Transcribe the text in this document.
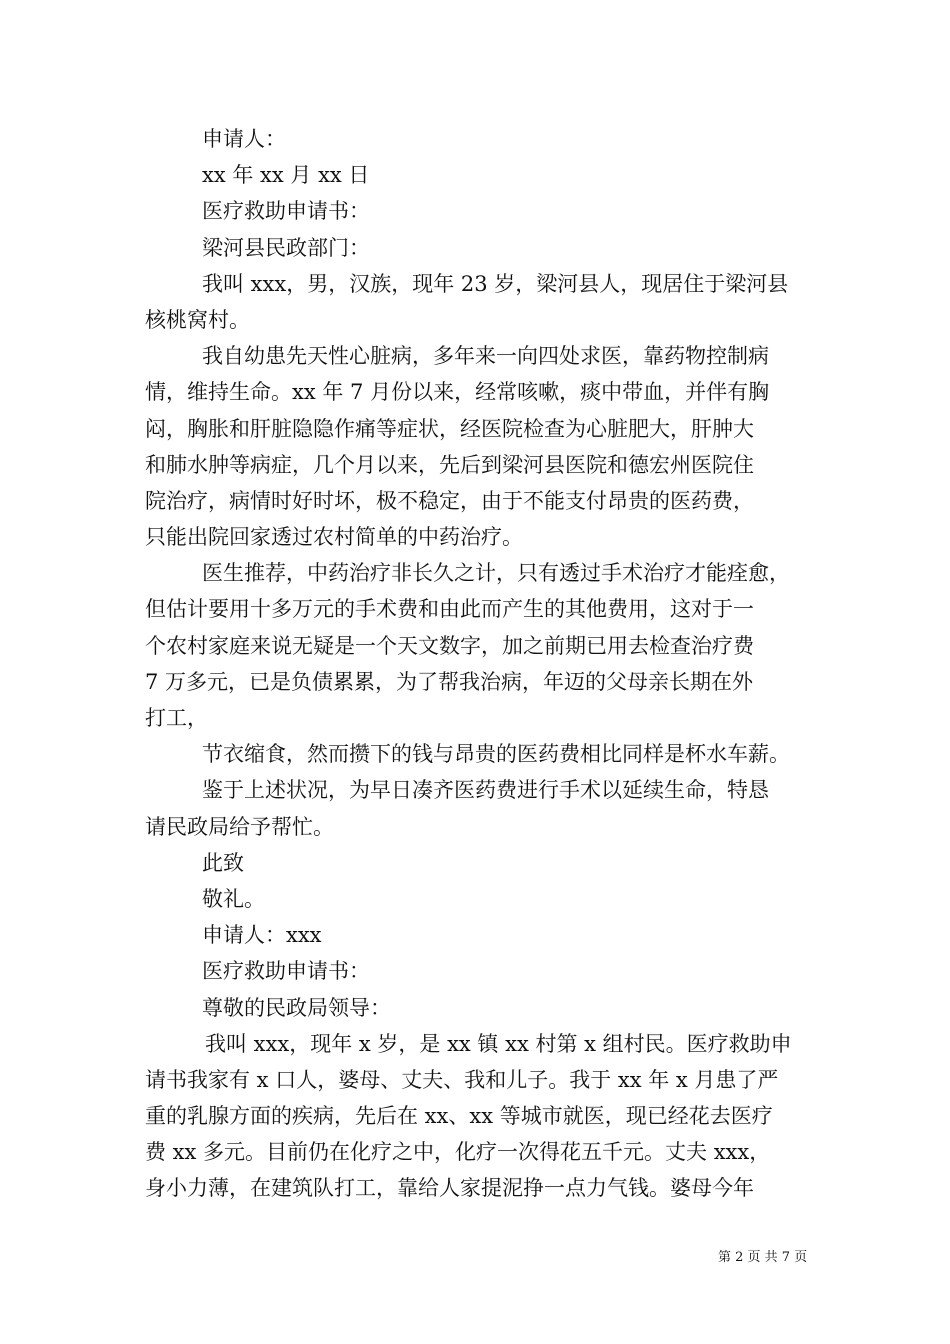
申请人：
xx 年 xx 月 xx 日
医疗救助申请书：
梁河县民政部门：
我叫 xxx，男，汉族，现年 23 岁，梁河县人，现居住于梁河县
核桃窝村。
我自幼患先天性心脏病，多年来一向四处求医，靠药物控制病
情，维持生命。xx 年 7 月份以来，经常咳嗽，痰中带血，并伴有胸
闷，胸胀和肝脏隐隐作痛等症状，经医院检查为心脏肥大，肝肿大
和肺水肿等病症，几个月以来，先后到梁河县医院和德宏州医院住
院治疗，病情时好时坏，极不稳定，由于不能支付昂贵的医药费，
只能出院回家透过农村简单的中药治疗。
医生推荐，中药治疗非长久之计，只有透过手术治疗才能痊愈，
但估计要用十多万元的手术费和由此而产生的其他费用，这对于一
个农村家庭来说无疑是一个天文数字，加之前期已用去检查治疗费
7 万多元，已是负债累累，为了帮我治病，年迈的父母亲长期在外
打工，
节衣缩食，然而攒下的钱与昂贵的医药费相比同样是杯水车薪。
鉴于上述状况，为早日凑齐医药费进行手术以延续生命，特恳
请民政局给予帮忙。
此致
敬礼。
申请人：xxx
医疗救助申请书：
尊敬的民政局领导：
我叫 xxx，现年 x 岁，是 xx 镇 xx 村第 x 组村民。医疗救助申
请书我家有 x 口人，婆母、丈夫、我和儿子。我于 xx 年 x 月患了严
重的乳腺方面的疾病，先后在 xx、xx 等城市就医，现已经花去医疗
费 xx 多元。目前仍在化疗之中，化疗一次得花五千元。丈夫 xxx，
身小力薄，在建筑队打工，靠给人家提泥挣一点力气钱。婆母今年
第 2 页 共 7 页
